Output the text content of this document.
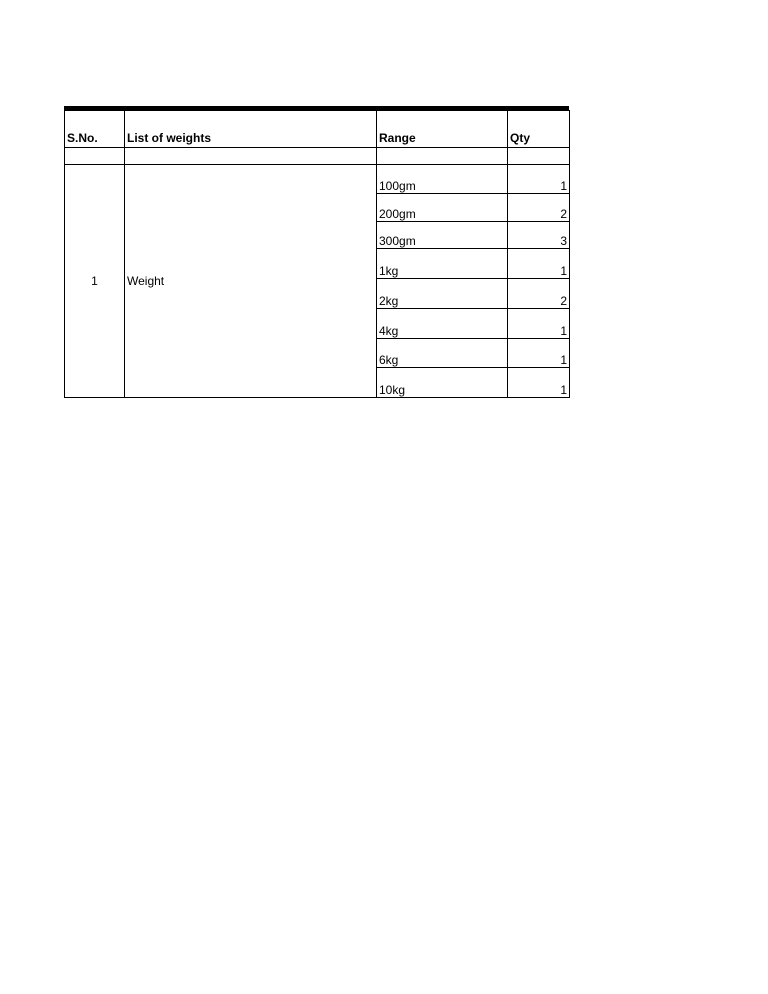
S.No.	List of weights	Range	Qty

1	Weight	100gm	1
		200gm	2
		300gm	3
		1kg	1
		2kg	2
		4kg	1
		6kg	1
		10kg	1
